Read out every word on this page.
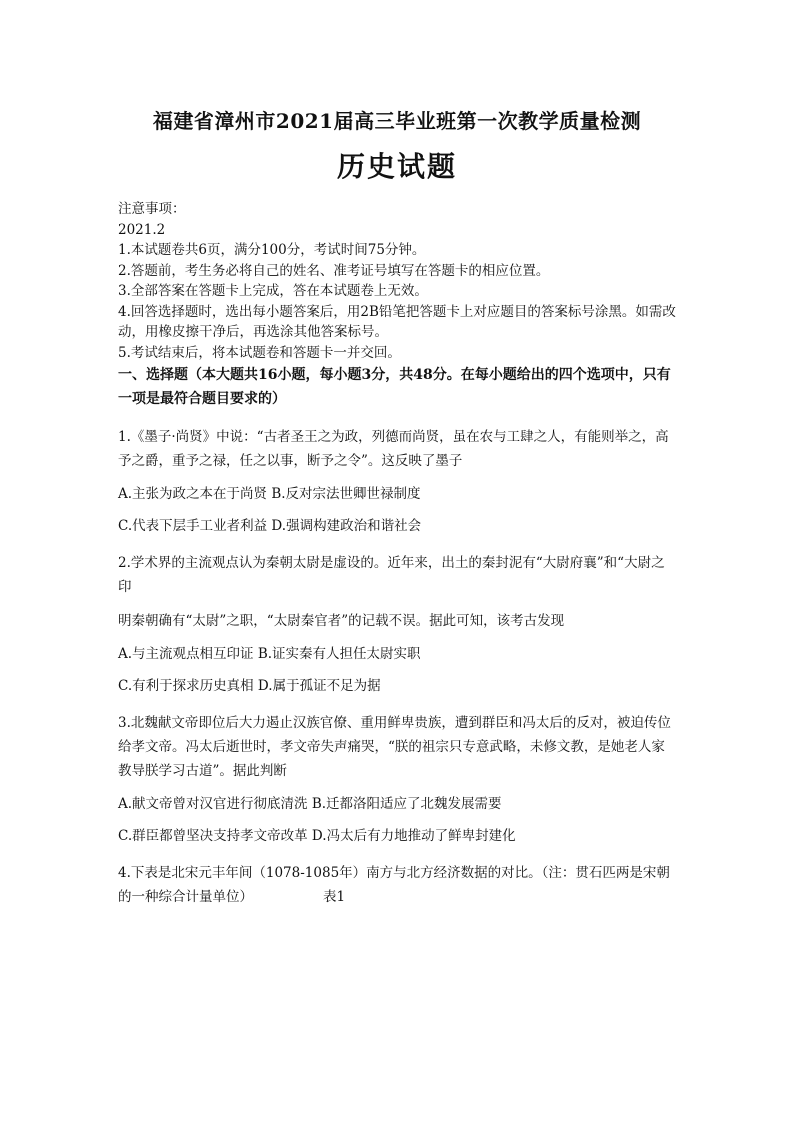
福建省漳州市2021届高三毕业班第一次教学质量检测
历史试题
注意事项：
2021.2
1.本试题卷共6页，满分100分，考试时间75分钟。
2.答题前，考生务必将自己的姓名、准考证号填写在答题卡的相应位置。
3.全部答案在答题卡上完成，答在本试题卷上无效。
4.回答选择题时，选出每小题答案后，用2B铅笔把答题卡上对应题目的答案标号涂黑。如需改动，用橡皮擦干净后，再选涂其他答案标号。
5.考试结束后，将本试题卷和答题卡一并交回。
一、选择题（本大题共16小题，每小题3分，共48分。在每小题给出的四个选项中，只有一项是最符合题目要求的）
1.《墨子·尚贤》中说：“古者圣王之为政，列德而尚贤，虽在农与工肆之人，有能则举之，高予之爵，重予之禄，任之以事，断予之令”。这反映了墨子
A.主张为政之本在于尚贤 B.反对宗法世卿世禄制度
C.代表下层手工业者利益 D.强调构建政治和谐社会
2.学术界的主流观点认为秦朝太尉是虚设的。近年来，出土的秦封泥有“大尉府襄”和“大尉之印
明秦朝确有“太尉”之职，“太尉秦官者”的记载不误。据此可知，该考古发现
A.与主流观点相互印证 B.证实秦有人担任太尉实职
C.有利于探求历史真相 D.属于孤证不足为据
3.北魏献文帝即位后大力遏止汉族官僚、重用鲜卑贵族，遭到群臣和冯太后的反对，被迫传位给孝文帝。冯太后逝世时，孝文帝失声痛哭，“朕的祖宗只专意武略，未修文教，是她老人家教导朕学习古道”。据此判断
A.献文帝曾对汉官进行彻底清洗 B.迁都洛阳适应了北魏发展需要
C.群臣都曾坚决支持孝文帝改革 D.冯太后有力地推动了鲜卑封建化
4.下表是北宋元丰年间（1078-1085年）南方与北方经济数据的对比。（注：贯石匹两是宋朝的一种综合计量单位）	表1
